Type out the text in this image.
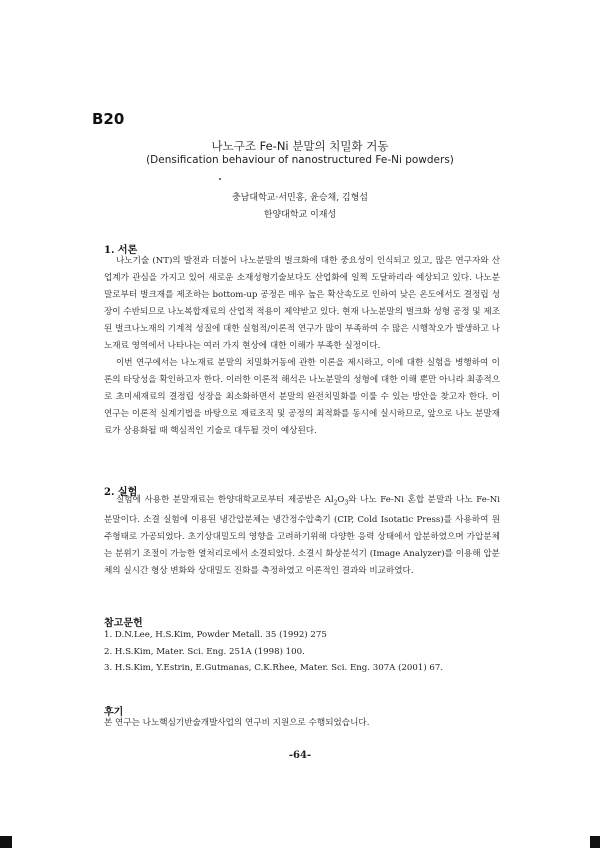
B20
나노구조 Fe-Ni 분말의 치밀화 거동
(Densification behaviour of nanostructured Fe-Ni powders)
충남대학교·서민홍, 윤승채, 김형섭
한양대학교 이재성
1. 서론
나노기술 (NT)의 발전과 더불어 나노분말의 벌크화에 대한 중요성이 인식되고 있고, 많은 연구자와 산업계가 관심을 가지고 있어 새로운 소재성형기술보다도 산업화에 일찍 도달하리라 예상되고 있다. 나노분말로부터 벌크재를 제조하는 bottom-up 공정은 매우 높은 확산속도로 인하여 낮은 온도에서도 결정립 성장이 수반되므로 나노복합재료의 산업적 적용이 제약받고 있다. 현재 나노분말의 벌크화 성형 공정 및 제조된 벌크나노재의 기계적 성질에 대한 실험적/이론적 연구가 많이 부족하여 수 많은 시행착오가 발생하고 나노재료 영역에서 나타나는 여러 가지 현상에 대한 이해가 부족한 실정이다.
이번 연구에서는 나노재료 분말의 치밀화거동에 관한 이론을 제시하고, 이에 대한 실험을 병행하여 이론의 타당성을 확인하고자 한다. 이러한 이론적 해석은 나노분말의 성형에 대한 이해 뿐만 아니라 최종적으로 초미세재료의 결정립 성장을 최소화하면서 분말의 완전치밀화를 이룰 수 있는 방안을 찾고자 한다. 이 연구는 이론적 실계기법을 바탕으로 재료조직 및 공정의 최적화를 동시에 실시하므로, 앞으로 나노 분말재료가 상용화될 때 핵심적인 기술로 대두될 것이 예상된다.
2. 실험
실험에 사용한 분말재료는 한양대학교로부터 제공받은 $Al_2O_3$와 나노 Fe-Ni 혼합 분말과 나노 Fe-Ni 분말이다. 소결 실험에 이용된 냉간압분체는 냉간정수압축기 (CIP, Cold Isotatic Press)를 사용하여 원주형태로 가공되었다. 초기상대밀도의 영향을 고려하기위해 다양한 응력 상태에서 압분하였으며 가압분체는 분위기 조절이 가능한 열처리로에서 소결되었다. 소결시 화상분석기 (Image Analyzer)를 이용해 압분체의 실시간 형상 변화와 상대밀도 진화를 측정하였고 이론적인 결과와 비교하였다.
참고문헌
1. D.N.Lee, H.S.Kim, Powder Metall. 35 (1992) 275
2. H.S.Kim, Mater. Sci. Eng. 251A (1998) 100.
3. H.S.Kim, Y.Estrin, E.Gutmanas, C.K.Rhee, Mater. Sci. Eng. 307A (2001) 67.
후기
본 연구는 나노핵심기반술개발사업의 연구비 지원으로 수행되었습니다.
-64-
